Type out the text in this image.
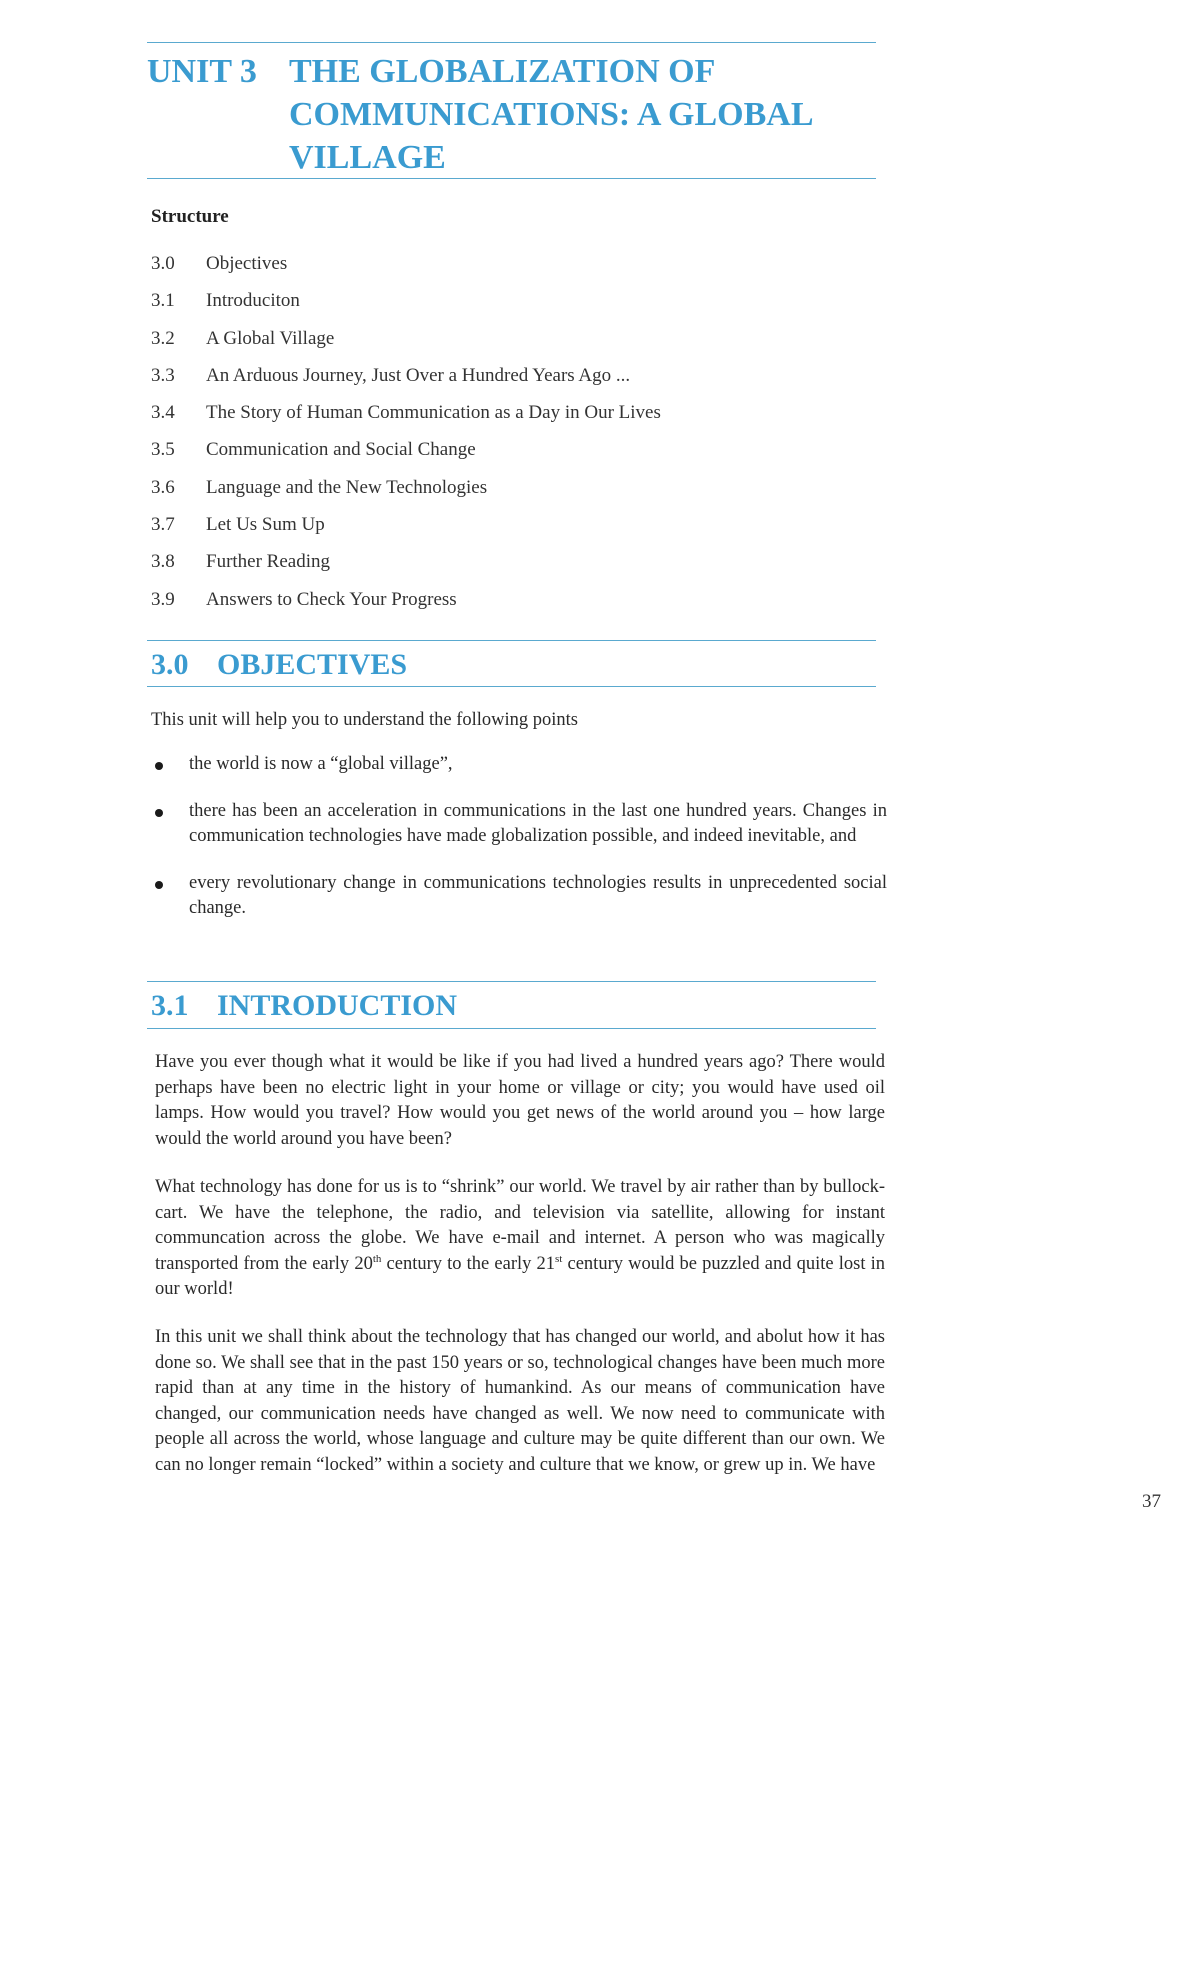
UNIT 3 THE GLOBALIZATION OF COMMUNICATIONS: A GLOBAL VILLAGE
Structure
3.0	Objectives
3.1	Introduciton
3.2	A Global Village
3.3	An Arduous Journey, Just Over a Hundred Years Ago ...
3.4	The Story of Human Communication as a Day in Our Lives
3.5	Communication and Social Change
3.6	Language and the New Technologies
3.7	Let Us Sum Up
3.8	Further Reading
3.9	Answers to Check Your Progress
3.0 OBJECTIVES

This unit will help you to understand the following points

the world is now a “global village”,
there has been an acceleration in communications in the last one hundred years. Changes in communication technologies have made globalization possible, and indeed inevitable, and
every revolutionary change in communications technologies results in unprecedented social change.
3.1 INTRODUCTION

Have you ever though what it would be like if you had lived a hundred years ago? There would perhaps have been no electric light in your home or village or city; you would have used oil lamps. How would you travel? How would you get news of the world around you – how large would the world around you have been?

What technology has done for us is to “shrink” our world. We travel by air rather than by bullock-cart. We have the telephone, the radio, and television via satellite, allowing for instant communcation across the globe. We have e-mail and internet. A person who was magically transported from the early 20th century to the early 21st century would be puzzled and quite lost in our world!

In this unit we shall think about the technology that has changed our world, and abolut how it has done so. We shall see that in the past 150 years or so, technological changes have been much more rapid than at any time in the history of humankind. As our means of communication have changed, our communication needs have changed as well. We now need to communicate with people all across the world, whose language and culture may be quite different than our own. We can no longer remain “locked” within a society and culture that we know, or grew up in. We have

37
